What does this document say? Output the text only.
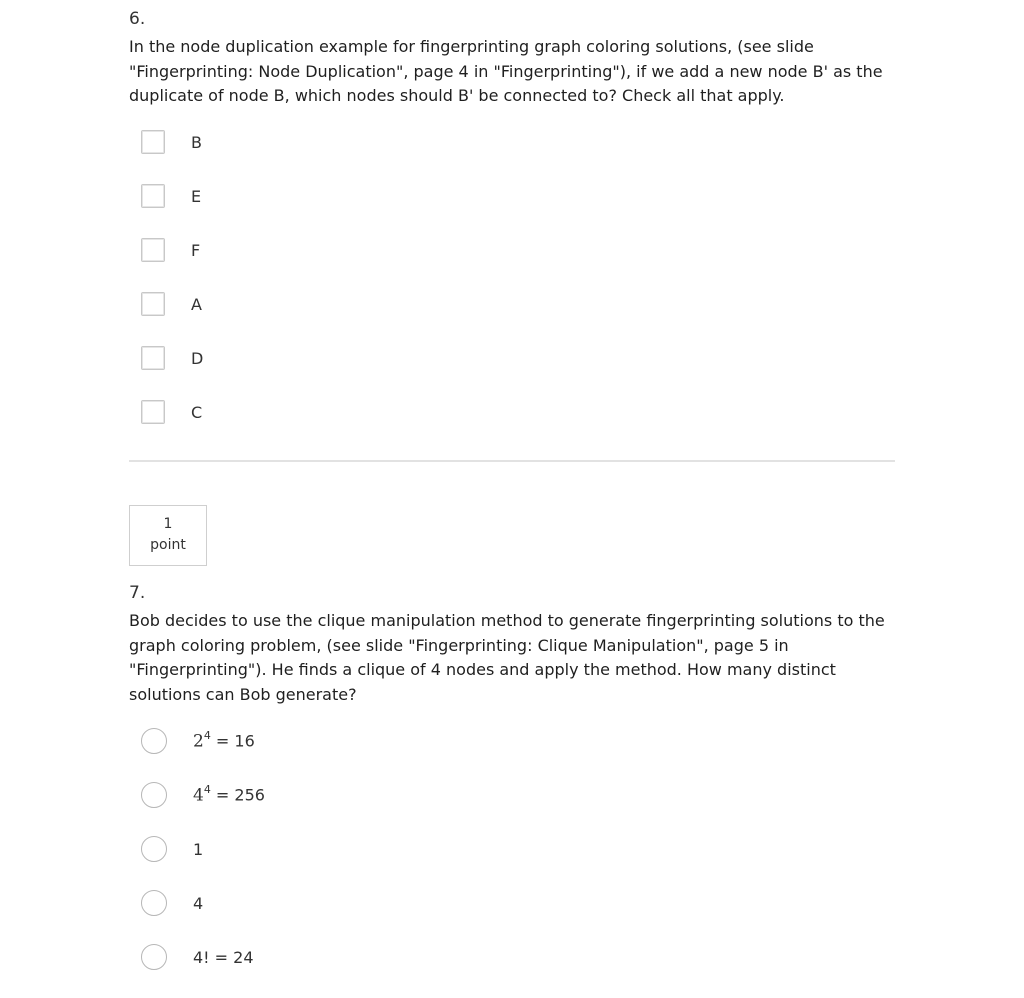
6.
In the node duplication example for fingerprinting graph coloring solutions, (see slide "Fingerprinting: Node Duplication", page 4 in "Fingerprinting"), if we add a new node B' as the duplicate of node B, which nodes should B' be connected to? Check all that apply.
B
E
F
A
D
C
1
point
7.
Bob decides to use the clique manipulation method to generate fingerprinting solutions to the graph coloring problem, (see slide "Fingerprinting: Clique Manipulation", page 5 in "Fingerprinting"). He finds a clique of 4 nodes and apply the method. How many distinct solutions can Bob generate?
$2^4 = 16$
$4^4 = 256$
1
4
4! = 24
